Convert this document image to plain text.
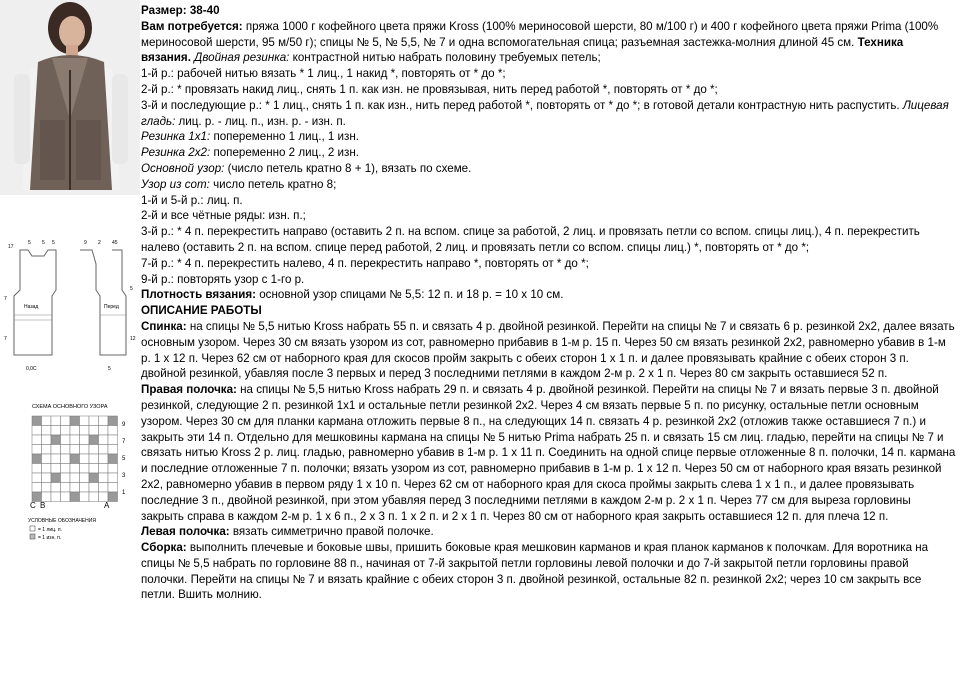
Назад	Перед
17
5 5 5
7
7
9 2 45
5
12
0,0C	5
СХЕМА ОСНОВНОГО УЗОРА
9
7
5
3
1
С В	А
УСЛОВНЫЕ ОБОЗНАЧЕНИЯ
= 1 лиц. п.
= 1 изн. п.

Размер: 38-40

Вам потребуется: пряжа 1000 г кофейного цвета пряжи Kross (100% мериносовой шерсти, 80 м/100 г) и 400 г кофейного цвета пряжи Prima (100% мериносовой шерсти, 95 м/50 г); спицы № 5, № 5,5, № 7 и одна вспомогательная спица; разъемная застежка-молния длиной 45 см. Техника вязания. Двойная резинка: контрастной нитью набрать половину требуемых петель;

1-й р.: рабочей нитью вязать * 1 лиц., 1 накид *, повторять от * до *;

2-й р.: * провязать накид лиц., снять 1 п. как изн. не провязывая, нить перед работой *, повторять от * до *;

3-й и последующие р.: * 1 лиц., снять 1 п. как изн., нить перед работой *, повторять от * до *; в готовой детали контрастную нить распустить. Лицевая гладь: лиц. р. - лиц. п., изн. р. - изн. п.

Резинка 1х1: попеременно 1 лиц., 1 изн.

Резинка 2х2: попеременно 2 лиц., 2 изн.

Основной узор: (число петель кратно 8 + 1), вязать по схеме.

Узор из сот: число петель кратно 8;

1-й и 5-й р.: лиц. п.

2-й и все чётные ряды: изн. п.;

3-й р.: * 4 п. перекрестить направо (оставить 2 п. на вспом. спице за работой, 2 лиц. и провязать петли со вспом. спицы лиц.), 4 п. перекрестить налево (оставить 2 п. на вспом. спице перед работой, 2 лиц. и провязать петли со вспом. спицы лиц.) *, повторять от * до *;

7-й р.: * 4 п. перекрестить налево, 4 п. перекрестить направо *, повторять от * до *;

9-й р.: повторять узор с 1-го р.

Плотность вязания: основной узор спицами № 5,5: 12 п. и 18 р. = 10 х 10 см.

ОПИСАНИЕ РАБОТЫ

Спинка: на спицы № 5,5 нитью Kross набрать 55 п. и связать 4 р. двойной резинкой. Перейти на спицы № 7 и связать 6 р. резинкой 2х2, далее вязать основным узором. Через 30 см вязать узором из сот, равномерно прибавив в 1-м р. 15 п. Через 50 см вязать резинкой 2х2, равномерно убавив в 1-м р. 1 х 12 п. Через 62 см от наборного края для скосов пройм закрыть с обеих сторон 1 х 1 п. и далее провязывать крайние с обеих сторон 3 п. двойной резинкой, убавляя после 3 первых и перед 3 последними петлями в каждом 2-м р. 2 х 1 п. Через 80 см закрыть оставшиеся 52 п.

Правая полочка: на спицы № 5,5 нитью Kross набрать 29 п. и связать 4 р. двойной резинкой. Перейти на спицы № 7 и вязать первые 3 п. двойной резинкой, следующие 2 п. резинкой 1х1 и остальные петли резинкой 2х2. Через 4 см вязать первые 5 п. по рисунку, остальные петли основным узором. Через 30 см для планки кармана отложить первые 8 п., на следующих 14 п. связать 4 р. резинкой 2х2 (отложив также оставшиеся 7 п.) и закрыть эти 14 п. Отдельно для мешковины кармана на спицы № 5 нитью Prima набрать 25 п. и связать 15 см лиц. гладью, перейти на спицы № 7 и связать нитью Kross 2 р. лиц. гладью, равномерно убавив в 1-м р. 1 х 11 п. Соединить на одной спице первые отложенные 8 п. полочки, 14 п. кармана и последние отложенные 7 п. полочки; вязать узором из сот, равномерно прибавив в 1-м р. 1 х 12 п. Через 50 см от наборного края вязать резинкой 2х2, равномерно убавив в первом ряду 1 х 10 п. Через 62 см от наборного края для скоса проймы закрыть слева 1 х 1 п., и далее провязывать последние 3 п., двойной резинкой, при этом убавляя перед 3 последними петлями в каждом 2-м р. 2 х 1 п. Через 77 см для выреза горловины закрыть справа в каждом 2-м р. 1 х 6 п., 2 х 3 п. 1 х 2 п. и 2 х 1 п. Через 80 см от наборного края закрыть оставшиеся 12 п. для плеча 12 п.

Левая полочка: вязать симметрично правой полочке.

Сборка: выполнить плечевые и боковые швы, пришить боковые края мешковин карманов и края планок карманов к полочкам. Для воротника на спицы № 5,5 набрать по горловине 88 п., начиная от 7-й закрытой петли горловины левой полочки и до 7-й закрытой петли горловины правой полочки. Перейти на спицы № 7 и вязать крайние с обеих сторон 3 п. двойной резинкой, остальные 82 п. резинкой 2х2; через 10 см закрыть все петли. Вшить молнию.
